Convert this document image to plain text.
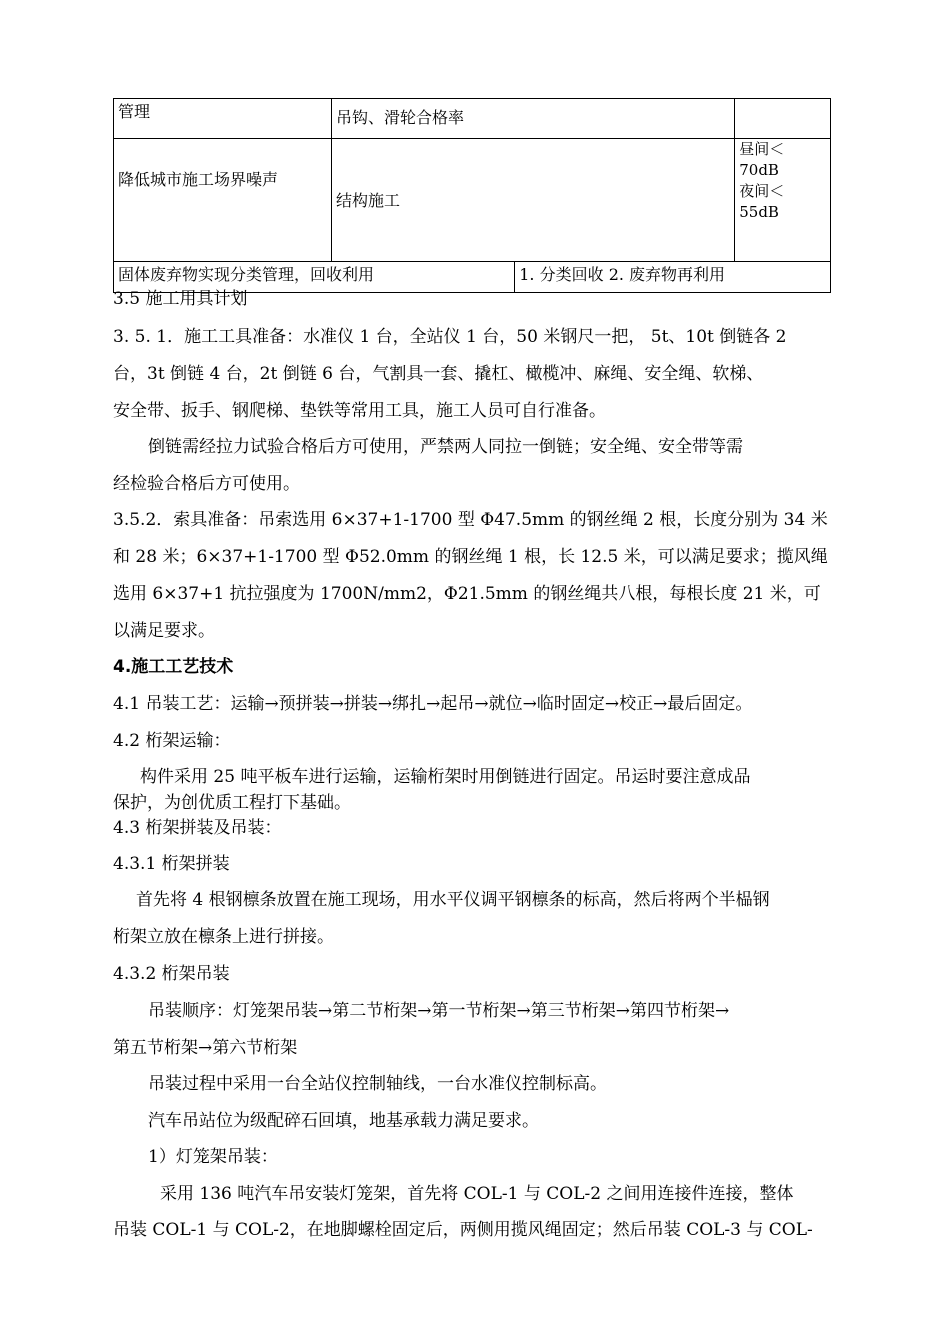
管理	吊钩、滑轮合格率		
降低城市施工场界噪声	结构施工		昼间＜
70dB
夜间＜
55dB

固体废弃物实现分类管理，回收利用		1. 分类回收 2. 废弃物再利用	
3.5 施工用具计划
3. 5. 1．施工工具准备：水准仪 1 台，全站仪 1 台，50 米钢尺一把， 5t、10t 倒链各 2
台，3t 倒链 4 台，2t 倒链 6 台，气割具一套、撬杠、橄榄冲、麻绳、安全绳、软梯、
安全带、扳手、钢爬梯、垫铁等常用工具，施工人员可自行准备。
倒链需经拉力试验合格后方可使用，严禁两人同拉一倒链；安全绳、安全带等需
经检验合格后方可使用。
3.5.2．索具准备：吊索选用 6×37+1-1700 型 Φ47.5mm 的钢丝绳 2 根，长度分别为 34 米
和 28 米；6×37+1-1700 型 Φ52.0mm 的钢丝绳 1 根，长 12.5 米，可以满足要求；揽风绳
选用 6×37+1 抗拉强度为 1700N/mm2，Φ21.5mm 的钢丝绳共八根，每根长度 21 米，可
以满足要求。
4.施工工艺技术
4.1 吊装工艺：运输→预拼装→拼装→绑扎→起吊→就位→临时固定→校正→最后固定。
4.2 桁架运输：
构件采用 25 吨平板车进行运输，运输桁架时用倒链进行固定。吊运时要注意成品
保护，为创优质工程打下基础。
4.3 桁架拼装及吊装：
4.3.1 桁架拼装
首先将 4 根钢檩条放置在施工现场，用水平仪调平钢檩条的标高，然后将两个半榀钢
桁架立放在檩条上进行拼接。
4.3.2 桁架吊装
吊装顺序：灯笼架吊装→第二节桁架→第一节桁架→第三节桁架→第四节桁架→
第五节桁架→第六节桁架
吊装过程中采用一台全站仪控制轴线，一台水准仪控制标高。
汽车吊站位为级配碎石回填，地基承载力满足要求。
1）灯笼架吊装：
采用 136 吨汽车吊安装灯笼架，首先将 COL-1 与 COL-2 之间用连接件连接，整体
吊装 COL-1 与 COL-2，在地脚螺栓固定后，两侧用揽风绳固定；然后吊装 COL-3 与 COL-
